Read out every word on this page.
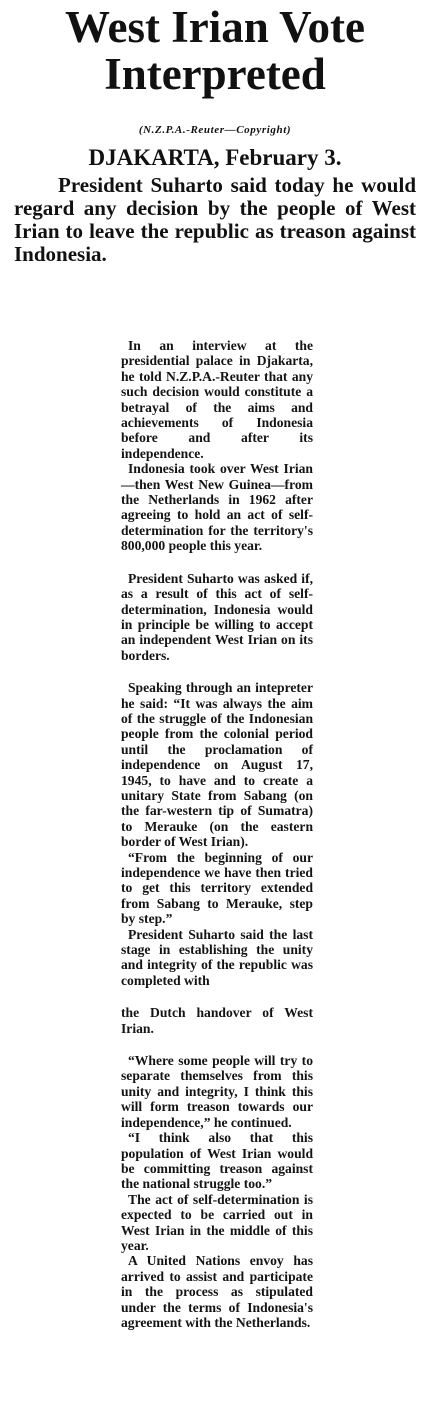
West Irian Vote Interpreted
(N.Z.P.A.-Reuter—Copyright)
DJAKARTA, February 3.

President Suharto said today he would regard any decision by the people of West Irian to leave the republic as treason against Indonesia.

In an interview at the presidential palace in Djakarta, he told N.Z.P.A.-Reuter that any such decision would constitute a betrayal of the aims and achievements of Indonesia before and after its independence.

Indonesia took over West Irian—then West New Guinea—from the Netherlands in 1962 after agreeing to hold an act of self-determination for the territory's 800,000 people this year.

President Suharto was asked if, as a result of this act of self-determination, Indonesia would in principle be willing to accept an independent West Irian on its borders.

Speaking through an intepreter he said: “It was always the aim of the struggle of the Indonesian people from the colonial period until the proclamation of independence on August 17, 1945, to have and to create a unitary State from Sabang (on the far-western tip of Sumatra) to Merauke (on the eastern border of West Irian).

“From the beginning of our independence we have then tried to get this territory extended from Sabang to Merauke, step by step.”

President Suharto said the last stage in establishing the unity and integrity of the republic was completed with

the Dutch handover of West Irian.

“Where some people will try to separate themselves from this unity and integrity, I think this will form treason towards our independence,” he continued.

“I think also that this population of West Irian would be committing treason against the national struggle too.”

The act of self-determination is expected to be carried out in West Irian in the middle of this year.

A United Nations envoy has arrived to assist and participate in the process as stipulated under the terms of Indonesia's agreement with the Netherlands.
